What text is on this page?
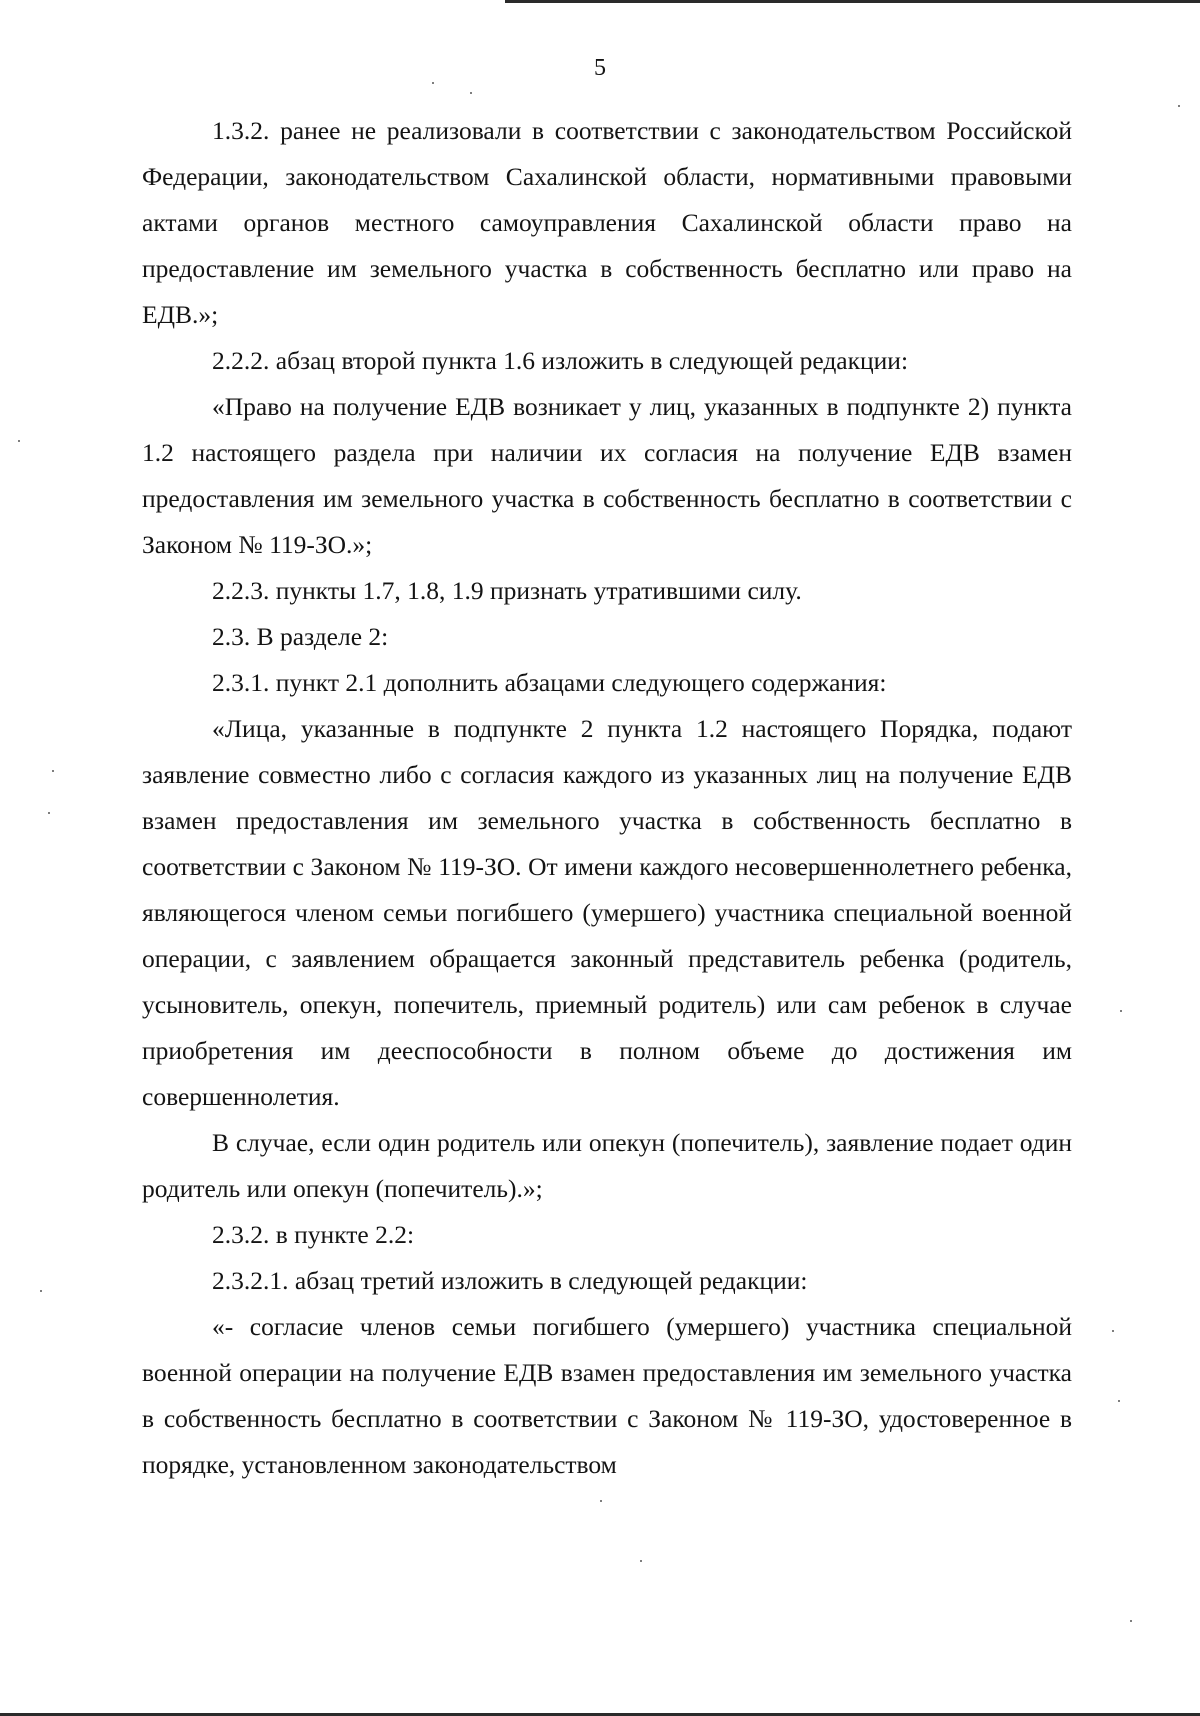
5

1.3.2. ранее не реализовали в соответствии с законодательством Российской Федерации, законодательством Сахалинской области, нормативными правовыми актами органов местного самоуправления Сахалинской области право на предоставление им земельного участка в собственность бесплатно или право на ЕДВ.»;

2.2.2. абзац второй пункта 1.6 изложить в следующей редакции:

«Право на получение ЕДВ возникает у лиц, указанных в подпункте 2) пункта 1.2 настоящего раздела при наличии их согласия на получение ЕДВ взамен предоставления им земельного участка в собственность бесплатно в соответствии с Законом № 119-ЗО.»;

2.2.3. пункты 1.7, 1.8, 1.9 признать утратившими силу.

2.3. В разделе 2:

2.3.1. пункт 2.1 дополнить абзацами следующего содержания:

«Лица, указанные в подпункте 2 пункта 1.2 настоящего Порядка, подают заявление совместно либо с согласия каждого из указанных лиц на получение ЕДВ взамен предоставления им земельного участка в собственность бесплатно в соответствии с Законом № 119-ЗО. От имени каждого несовершеннолетнего ребенка, являющегося членом семьи погибшего (умершего) участника специальной военной операции, с заявлением обращается законный представитель ребенка (родитель, усыновитель, опекун, попечитель, приемный родитель) или сам ребенок в случае приобретения им дееспособности в полном объеме до достижения им совершеннолетия.

В случае, если один родитель или опекун (попечитель), заявление подает один родитель или опекун (попечитель).»;

2.3.2. в пункте 2.2:

2.3.2.1. абзац третий изложить в следующей редакции:

«- согласие членов семьи погибшего (умершего) участника специальной военной операции на получение ЕДВ взамен предоставления им земельного участка в собственность бесплатно в соответствии с Законом № 119-ЗО, удостоверенное в порядке, установленном законодательством
